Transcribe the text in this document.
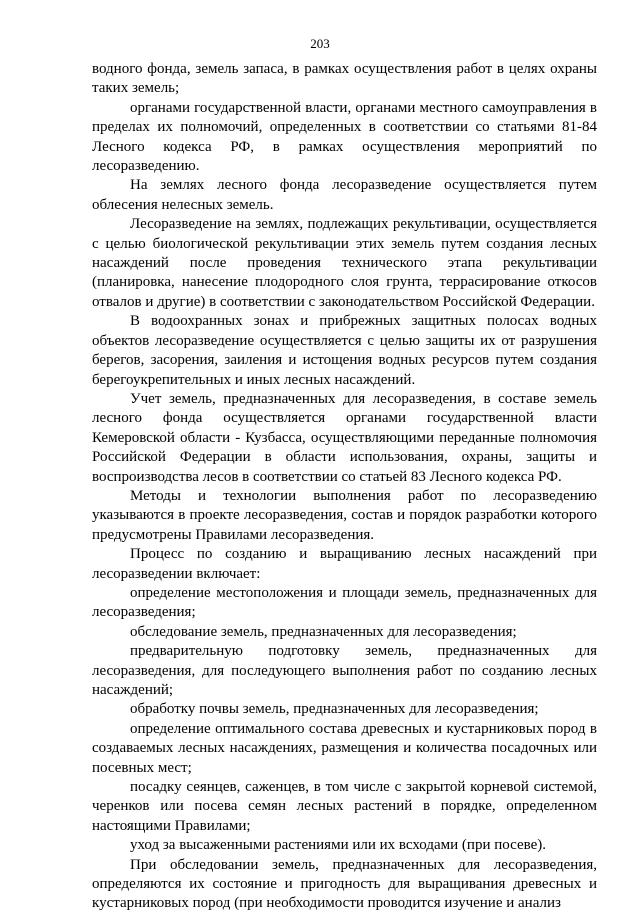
203

водного фонда, земель запаса, в рамках осуществления работ в целях охраны таких земель;

органами государственной власти, органами местного самоуправления в пределах их полномочий, определенных в соответствии со статьями 81-84 Лесного кодекса РФ, в рамках осуществления мероприятий по лесоразведению.

На землях лесного фонда лесоразведение осуществляется путем облесения нелесных земель.

Лесоразведение на землях, подлежащих рекультивации, осуществляется с целью биологической рекультивации этих земель путем создания лесных насаждений после проведения технического этапа рекультивации (планировка, нанесение плодородного слоя грунта, террасирование откосов отвалов и другие) в соответствии с законодательством Российской Федерации.

В водоохранных зонах и прибрежных защитных полосах водных объектов лесоразведение осуществляется с целью защиты их от разрушения берегов, засорения, заиления и истощения водных ресурсов путем создания берегоукрепительных и иных лесных насаждений.

Учет земель, предназначенных для лесоразведения, в составе земель лесного фонда осуществляется органами государственной власти Кемеровской области - Кузбасса, осуществляющими переданные полномочия Российской Федерации в области использования, охраны, защиты и воспроизводства лесов в соответствии со статьей 83 Лесного кодекса РФ.

Методы и технологии выполнения работ по лесоразведению указываются в проекте лесоразведения, состав и порядок разработки которого предусмотрены Правилами лесоразведения.

Процесс по созданию и выращиванию лесных насаждений при лесоразведении включает:

определение местоположения и площади земель, предназначенных для лесоразведения;

обследование земель, предназначенных для лесоразведения;

предварительную подготовку земель, предназначенных для лесоразведения, для последующего выполнения работ по созданию лесных насаждений;

обработку почвы земель, предназначенных для лесоразведения;

определение оптимального состава древесных и кустарниковых пород в создаваемых лесных насаждениях, размещения и количества посадочных или посевных мест;

посадку сеянцев, саженцев, в том числе с закрытой корневой системой, черенков или посева семян лесных растений в порядке, определенном настоящими Правилами;

уход за высаженными растениями или их всходами (при посеве).

При обследовании земель, предназначенных для лесоразведения, определяются их состояние и пригодность для выращивания древесных и кустарниковых пород (при необходимости проводится изучение и анализ
